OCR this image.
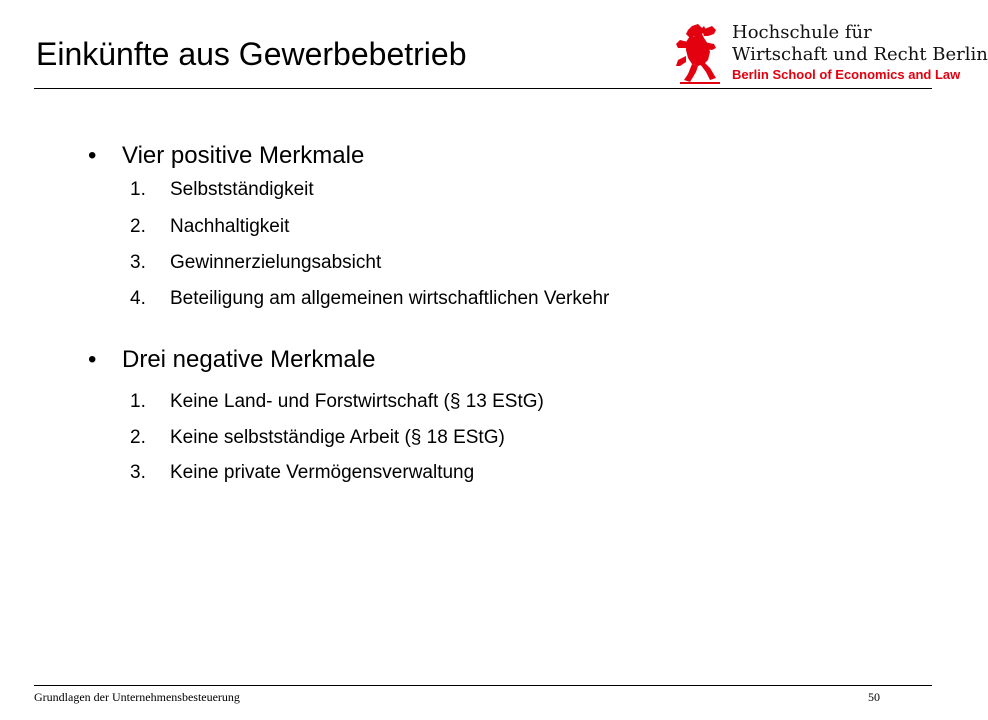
Einkünfte aus Gewerbebetrieb
Hochschule für
Wirtschaft und Recht Berlin
Berlin School of Economics and Law
• Vier positive Merkmale
1. Selbstständigkeit
2. Nachhaltigkeit
3. Gewinnerzielungsabsicht
4. Beteiligung am allgemeinen wirtschaftlichen Verkehr
• Drei negative Merkmale
1. Keine Land- und Forstwirtschaft (§ 13 EStG)
2. Keine selbstständige Arbeit (§ 18 EStG)
3. Keine private Vermögensverwaltung
Grundlagen der Unternehmensbesteuerung	50
